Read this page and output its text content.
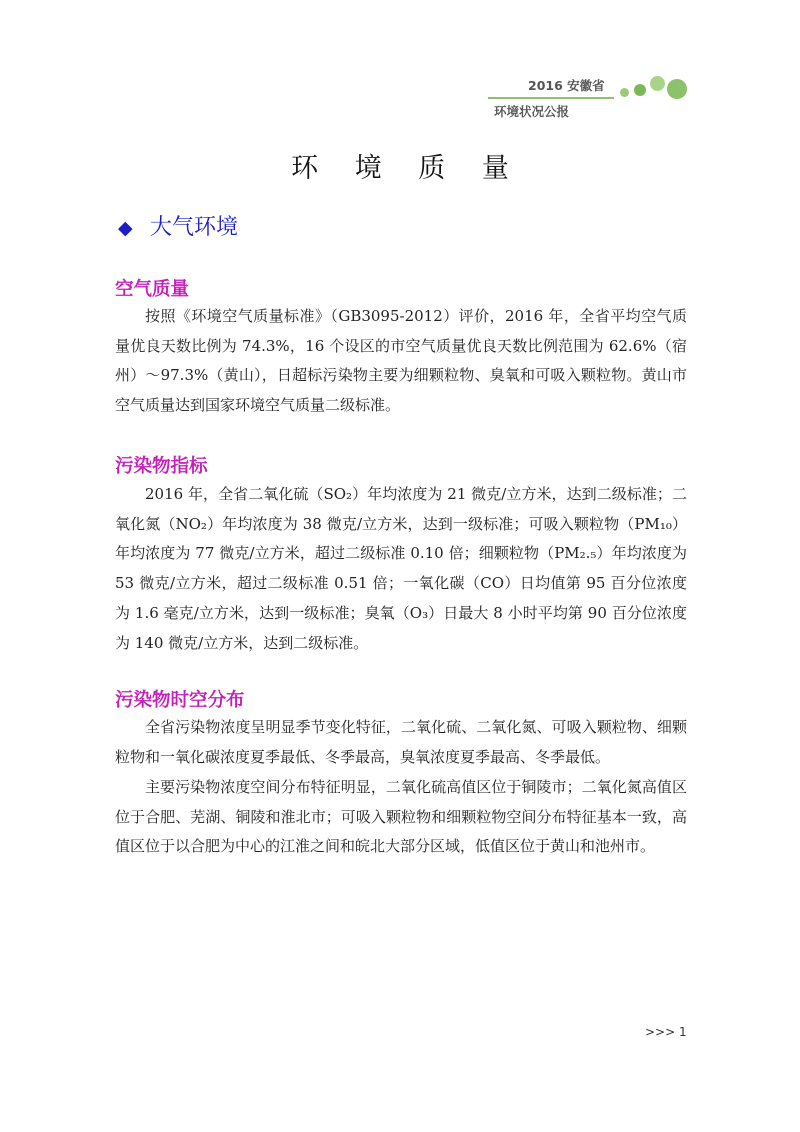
2016 安徽省
环境状况公报
环 境 质 量
◆ 大气环境
空气质量

按照《环境空气质量标准》（GB3095-2012）评价，2016 年，全省平均空气质量优良天数比例为 74.3%，16 个设区的市空气质量优良天数比例范围为 62.6%（宿州）～97.3%（黄山），日超标污染物主要为细颗粒物、臭氧和可吸入颗粒物。黄山市空气质量达到国家环境空气质量二级标准。

污染物指标

2016 年，全省二氧化硫（SO₂）年均浓度为 21 微克/立方米，达到二级标准；二氧化氮（NO₂）年均浓度为 38 微克/立方米，达到一级标准；可吸入颗粒物（PM₁₀）年均浓度为 77 微克/立方米，超过二级标准 0.10 倍；细颗粒物（PM₂.₅）年均浓度为 53 微克/立方米，超过二级标准 0.51 倍；一氧化碳（CO）日均值第 95 百分位浓度为 1.6 毫克/立方米，达到一级标准；臭氧（O₃）日最大 8 小时平均第 90 百分位浓度为 140 微克/立方米，达到二级标准。

污染物时空分布

全省污染物浓度呈明显季节变化特征，二氧化硫、二氧化氮、可吸入颗粒物、细颗粒物和一氧化碳浓度夏季最低、冬季最高，臭氧浓度夏季最高、冬季最低。

主要污染物浓度空间分布特征明显，二氧化硫高值区位于铜陵市；二氧化氮高值区位于合肥、芜湖、铜陵和淮北市；可吸入颗粒物和细颗粒物空间分布特征基本一致，高值区位于以合肥为中心的江淮之间和皖北大部分区域，低值区位于黄山和池州市。

>>> 1
